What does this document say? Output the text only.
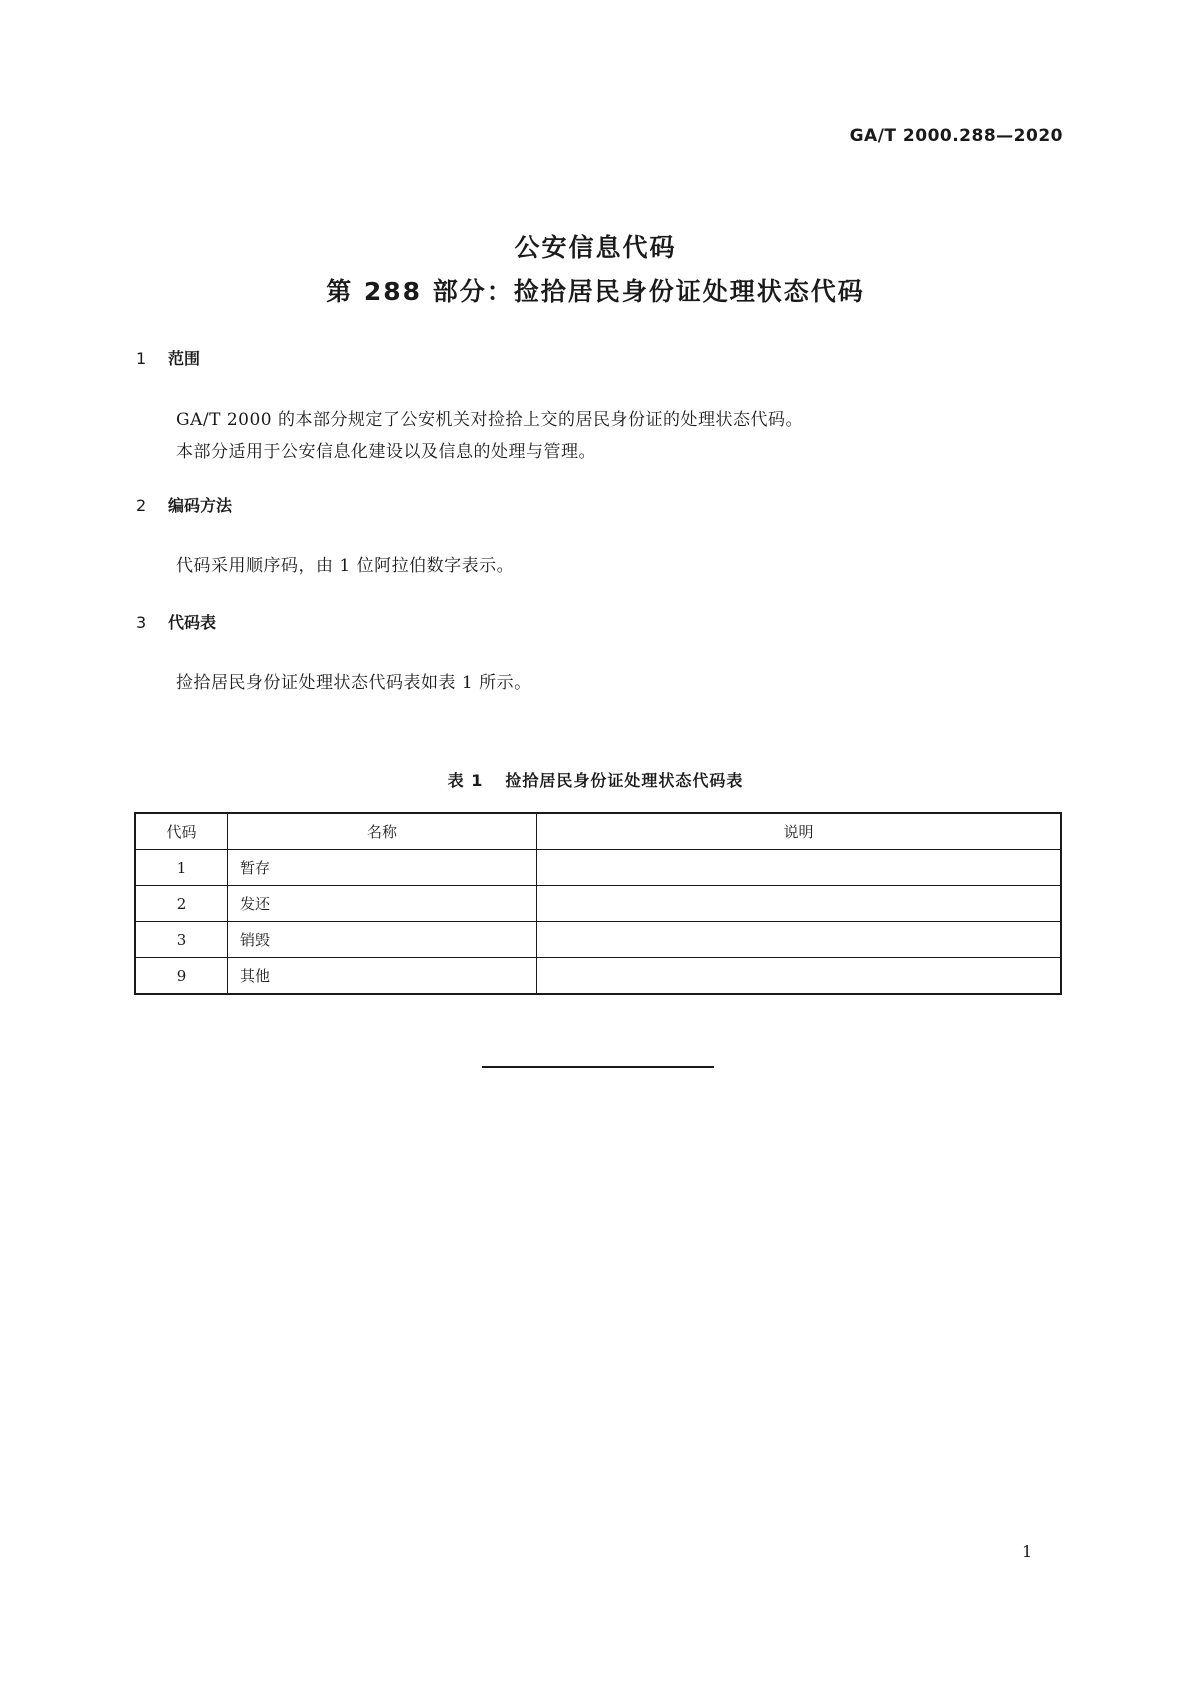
GA/T 2000.288—2020
公安信息代码
第 288 部分：捡拾居民身份证处理状态代码
1 范围
GA/T 2000 的本部分规定了公安机关对捡拾上交的居民身份证的处理状态代码。
本部分适用于公安信息化建设以及信息的处理与管理。
2 编码方法
代码采用顺序码，由 1 位阿拉伯数字表示。
3 代码表
捡拾居民身份证处理状态代码表如表 1 所示。
表 1 捡拾居民身份证处理状态代码表
代码	名称	说明
1	暂存	
2	发还	
3	销毁	
9	其他	
1
